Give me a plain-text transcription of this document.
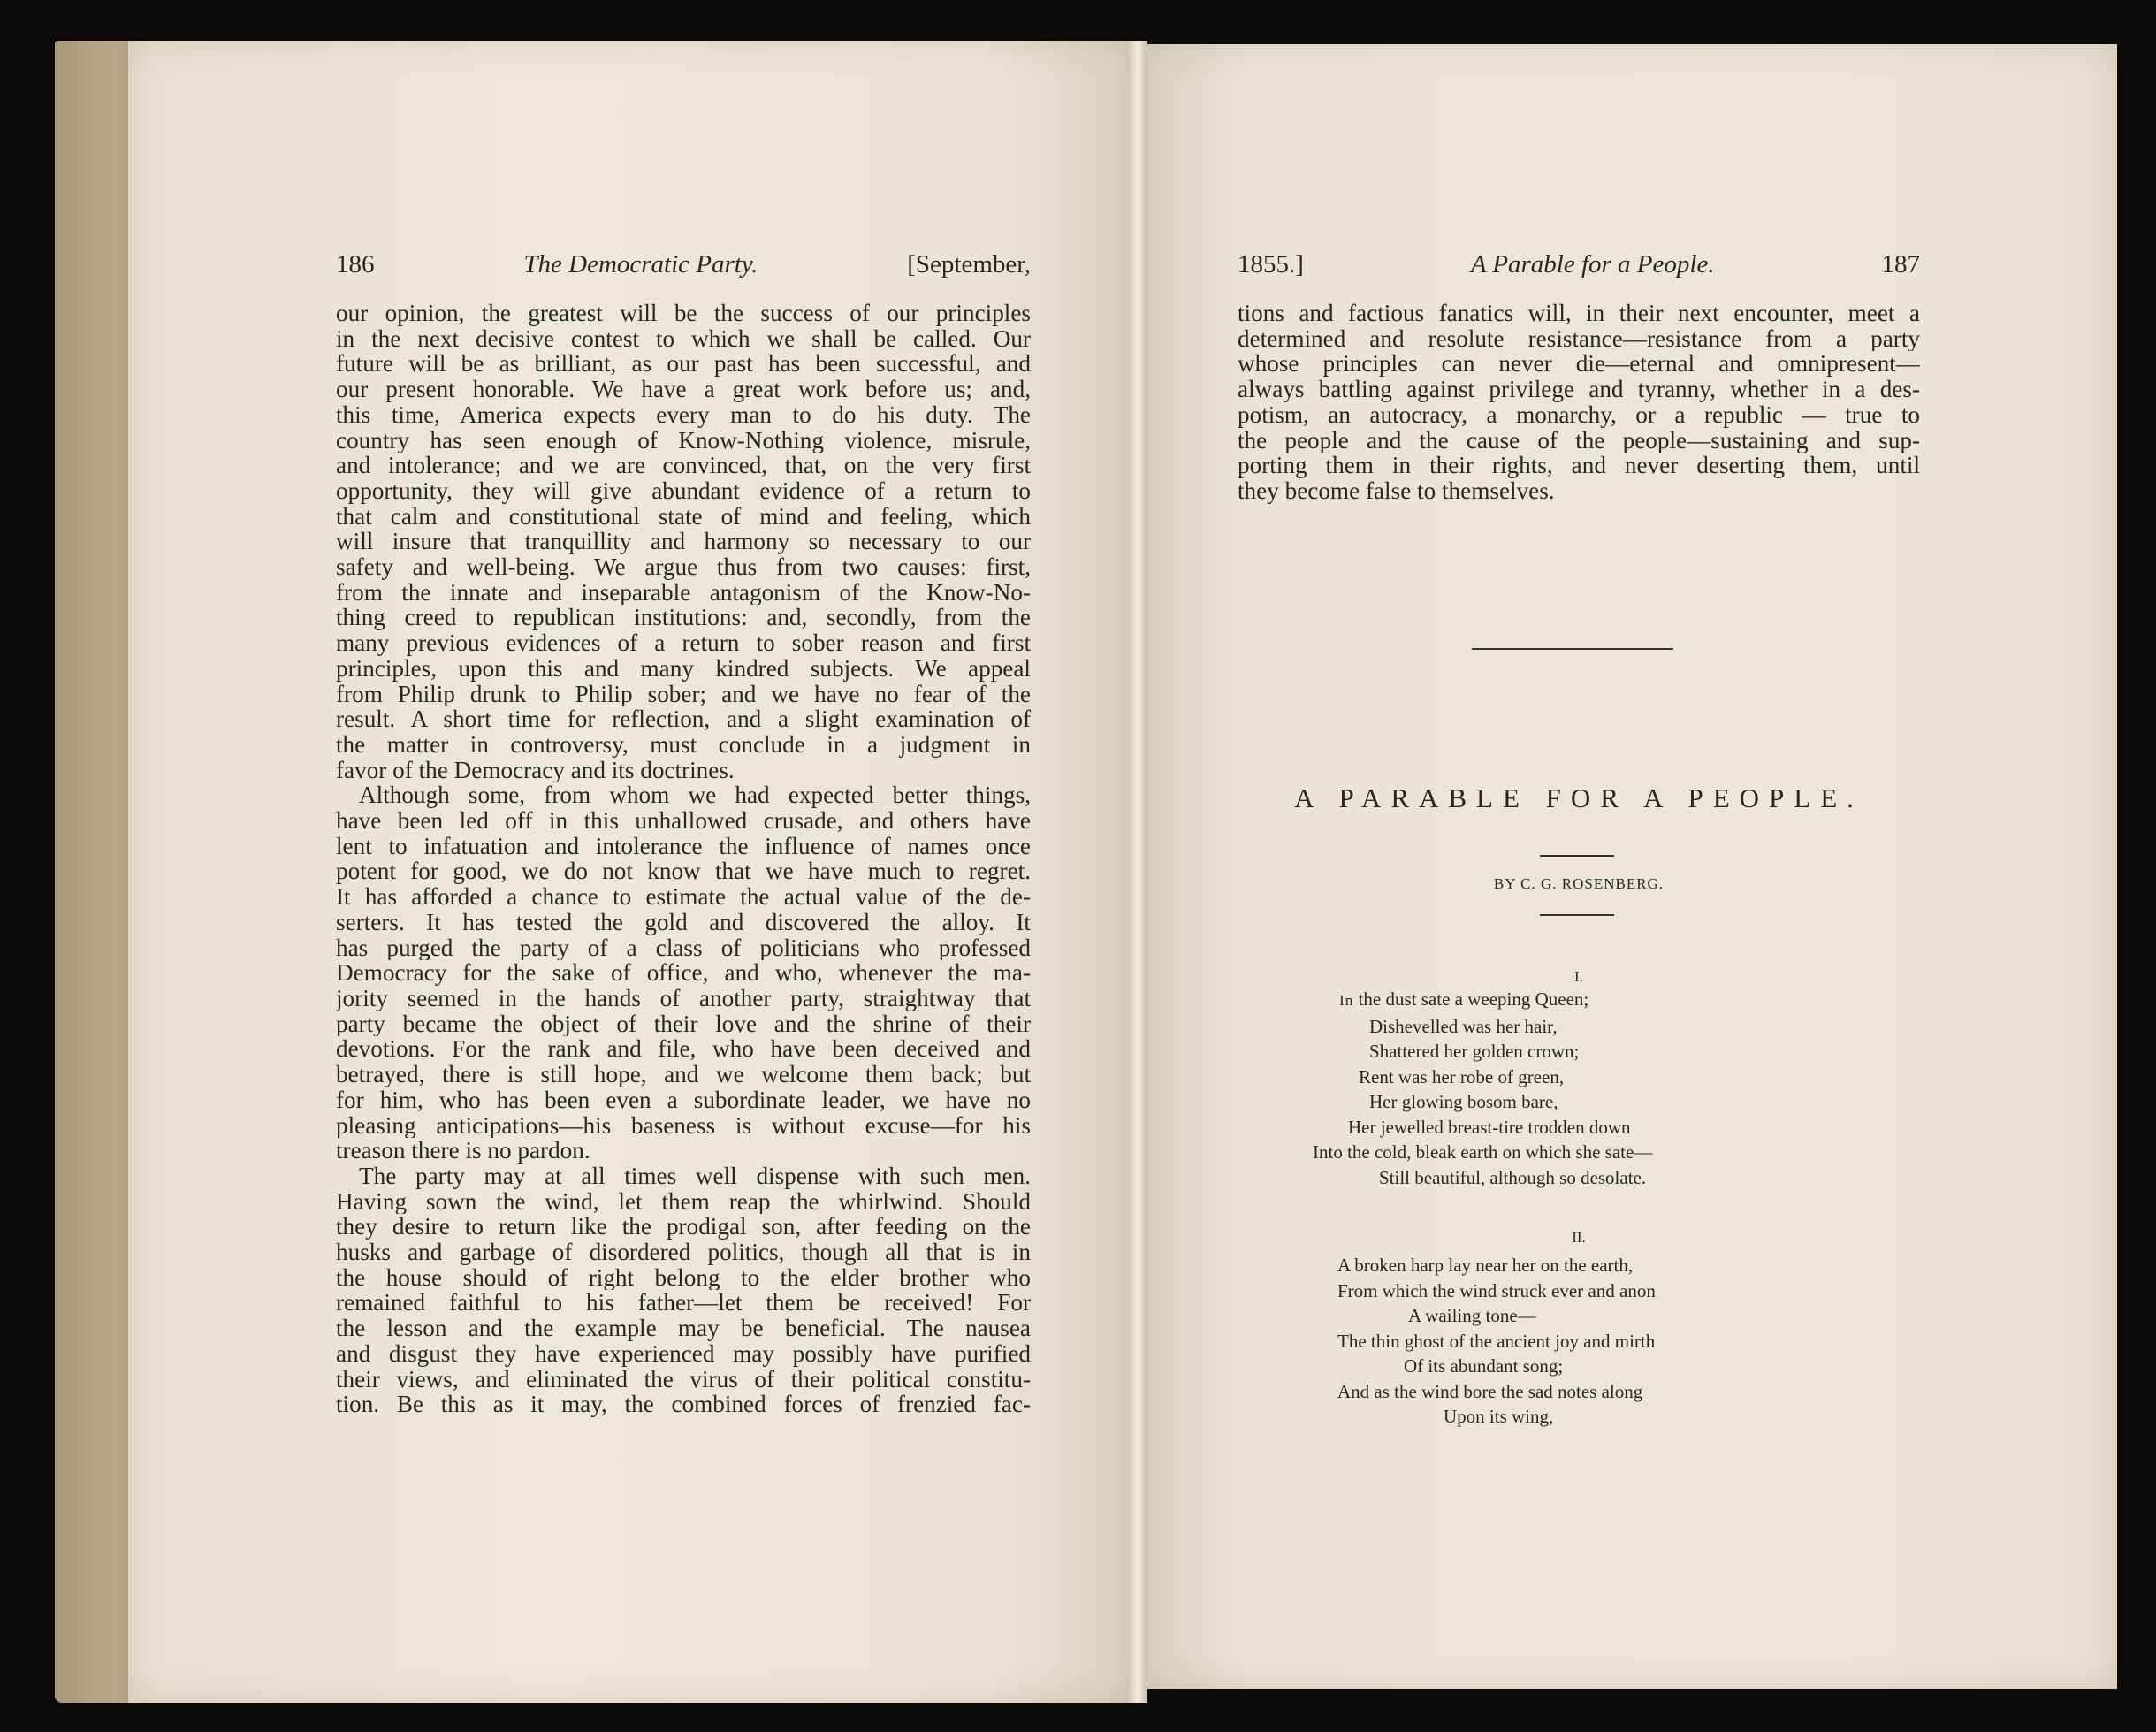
186	The Democratic Party.	[September,	1855.]	A Parable for a People.	187
our opinion, the greatest will be the success of our principles
in the next decisive contest to which we shall be called. Our
future will be as brilliant, as our past has been successful, and
our present honorable. We have a great work before us; and,
this time, America expects every man to do his duty. The
country has seen enough of Know-Nothing violence, misrule,
and intolerance; and we are convinced, that, on the very first
opportunity, they will give abundant evidence of a return to
that calm and constitutional state of mind and feeling, which
will insure that tranquillity and harmony so necessary to our
safety and well-being. We argue thus from two causes: first,
from the innate and inseparable antagonism of the Know-No-
thing creed to republican institutions: and, secondly, from the
many previous evidences of a return to sober reason and first
principles, upon this and many kindred subjects. We appeal
from Philip drunk to Philip sober; and we have no fear of the
result. A short time for reflection, and a slight examination of
the matter in controversy, must conclude in a judgment in
favor of the Democracy and its doctrines.
Although some, from whom we had expected better things,
have been led off in this unhallowed crusade, and others have
lent to infatuation and intolerance the influence of names once
potent for good, we do not know that we have much to regret.
It has afforded a chance to estimate the actual value of the de-
serters. It has tested the gold and discovered the alloy. It
has purged the party of a class of politicians who professed
Democracy for the sake of office, and who, whenever the ma-
jority seemed in the hands of another party, straightway that
party became the object of their love and the shrine of their
devotions. For the rank and file, who have been deceived and
betrayed, there is still hope, and we welcome them back; but
for him, who has been even a subordinate leader, we have no
pleasing anticipations—his baseness is without excuse—for his
treason there is no pardon.
The party may at all times well dispense with such men.
Having sown the wind, let them reap the whirlwind. Should
they desire to return like the prodigal son, after feeding on the
husks and garbage of disordered politics, though all that is in
the house should of right belong to the elder brother who
remained faithful to his father—let them be received! For
the lesson and the example may be beneficial. The nausea
and disgust they have experienced may possibly have purified
their views, and eliminated the virus of their political constitu-
tion. Be this as it may, the combined forces of frenzied fac-
tions and factious fanatics will, in their next encounter, meet a
determined and resolute resistance—resistance from a party
whose principles can never die—eternal and omnipresent—
always battling against privilege and tyranny, whether in a des-
potism, an autocracy, a monarchy, or a republic — true to
the people and the cause of the people—sustaining and sup-
porting them in their rights, and never deserting them, until
they become false to themselves.
A PARABLE FOR A PEOPLE.
BY C. G. ROSENBERG.
I.
In the dust sate a weeping Queen;
Dishevelled was her hair,
Shattered her golden crown;
Rent was her robe of green,
Her glowing bosom bare,
Her jewelled breast-tire trodden down
Into the cold, bleak earth on which she sate—
Still beautiful, although so desolate.
II.
A broken harp lay near her on the earth,
From which the wind struck ever and anon
A wailing tone—
The thin ghost of the ancient joy and mirth
Of its abundant song;
And as the wind bore the sad notes along
Upon its wing,
